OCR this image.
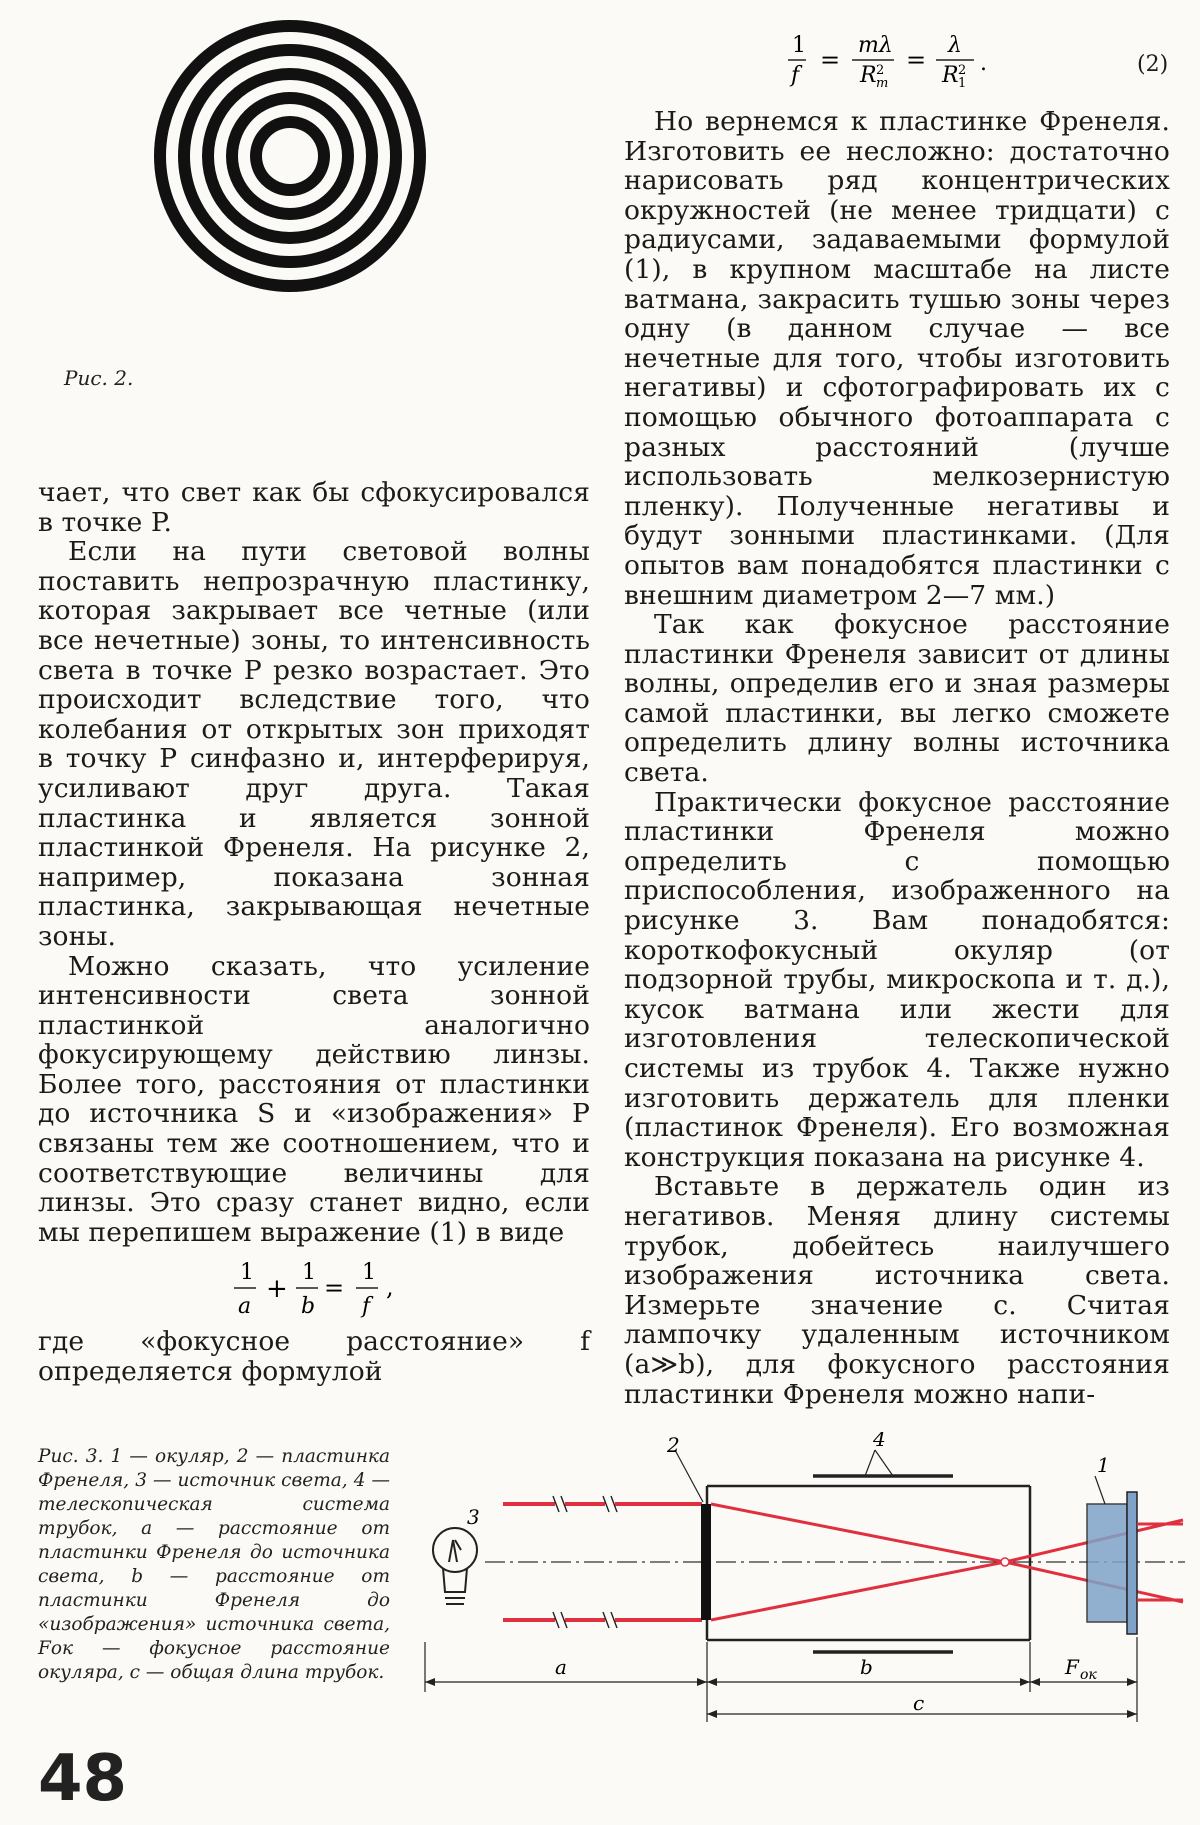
Рис. 2.
1
f
=
mλ
R 2
m
=
λ
R 2
1
.	(2)

чает, что свет как бы сфокусировался в точке P.

Если на пути световой волны поставить непрозрачную пластинку, которая закрывает все четные (или все нечетные) зоны, то интенсивность света в точке P резко возрастает. Это происходит вследствие того, что колебания от открытых зон приходят в точку P синфазно и, интерферируя, усиливают друг друга. Такая пластинка и является зонной пластинкой Френеля. На рисунке 2, например, показана зонная пластинка, закрывающая нечетные зоны.

Можно сказать, что усиление интенсивности света зонной пластинкой аналогично фокусирующему действию линзы. Более того, расстояния от пластинки до источника S и «изображения» P связаны тем же соотношением, что и соответствующие величины для линзы. Это сразу станет видно, если мы перепишем выражение (1) в виде

1
a
+
1
b
=
1
f
,

где «фокусное расстояние» f определяется формулой

Но вернемся к пластинке Френеля. Изготовить ее несложно: достаточно нарисовать ряд концентрических окружностей (не менее тридцати) с радиусами, задаваемыми формулой (1), в крупном масштабе на листе ватмана, закрасить тушью зоны через одну (в данном случае — все нечетные для того, чтобы изготовить негативы) и сфотографировать их с помощью обычного фотоаппарата с разных расстояний (лучше использовать мелкозернистую пленку). Полученные негативы и будут зонными пластинками. (Для опытов вам понадобятся пластинки с внешним диаметром 2—7 мм.)

Так как фокусное расстояние пластинки Френеля зависит от длины волны, определив его и зная размеры самой пластинки, вы легко сможете определить длину волны источника света.

Практически фокусное расстояние пластинки Френеля можно определить с помощью приспособления, изображенного на рисунке 3. Вам понадобятся: короткофокусный окуляр (от подзорной трубы, микроскопа и т. д.), кусок ватмана или жести для изготовления телескопической системы из трубок 4. Также нужно изготовить держатель для пленки (пластинок Френеля). Его возможная конструкция показана на рисунке 4.

Вставьте в держатель один из негативов. Меняя длину системы трубок, добейтесь наилучшего изображения источника света. Измерьте значение c. Считая лампочку удаленным источником (a≫b), для фокусного расстояния пластинки Френеля можно напи-

Рис. 3. 1 — окуляр, 2 — пластинка Френеля, 3 — источник света, 4 — телескопическая система трубок, a — расстояние от пластинки Френеля до источника света, b — расстояние от пластинки Френеля до «изображения» источника света, Fок — фокусное расстояние окуляра, c — общая длина трубок.
3
4
2
1
a	b	F ок
c
48
